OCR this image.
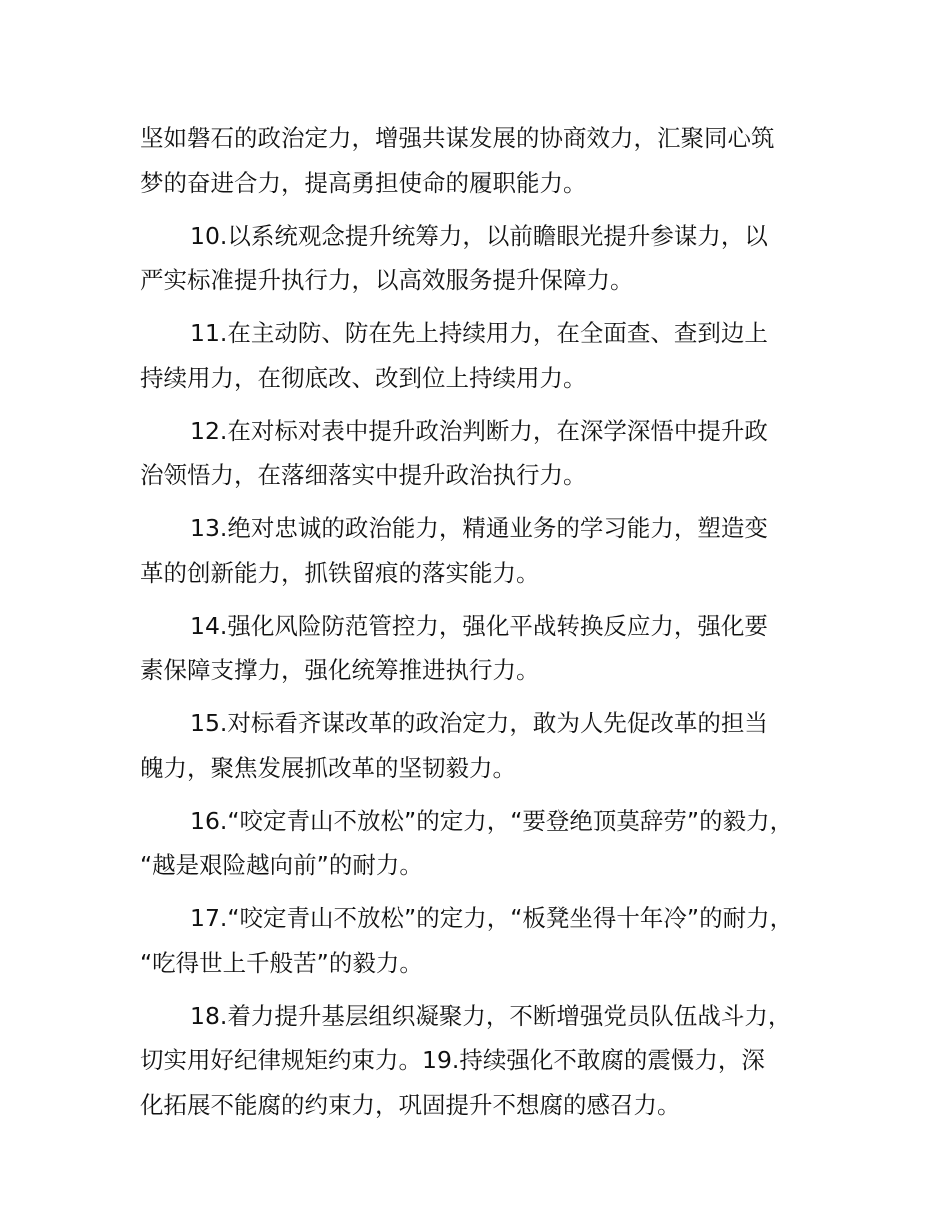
坚如磐石的政治定力，增强共谋发展的协商效力，汇聚同心筑
梦的奋进合力，提高勇担使命的履职能力。
10.以系统观念提升统筹力，以前瞻眼光提升参谋力，以
严实标准提升执行力，以高效服务提升保障力。
11.在主动防、防在先上持续用力，在全面查、查到边上
持续用力，在彻底改、改到位上持续用力。
12.在对标对表中提升政治判断力，在深学深悟中提升政
治领悟力，在落细落实中提升政治执行力。
13.绝对忠诚的政治能力，精通业务的学习能力，塑造变
革的创新能力，抓铁留痕的落实能力。
14.强化风险防范管控力，强化平战转换反应力，强化要
素保障支撑力，强化统筹推进执行力。
15.对标看齐谋改革的政治定力，敢为人先促改革的担当
魄力，聚焦发展抓改革的坚韧毅力。
16.“咬定青山不放松”的定力，“要登绝顶莫辞劳”的毅力，
“越是艰险越向前”的耐力。
17.“咬定青山不放松”的定力，“板凳坐得十年冷”的耐力，
“吃得世上千般苦”的毅力。
18.着力提升基层组织凝聚力，不断增强党员队伍战斗力，
切实用好纪律规矩约束力。19.持续强化不敢腐的震慑力，深
化拓展不能腐的约束力，巩固提升不想腐的感召力。
